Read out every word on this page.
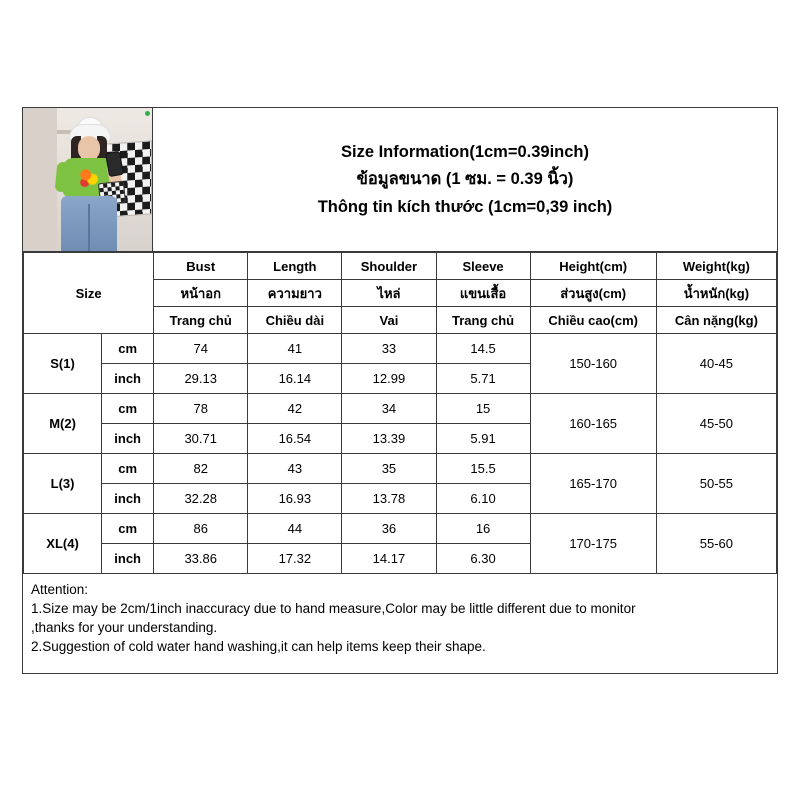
Size Information(1cm=0.39inch)
ข้อมูลขนาด (1 ซม. = 0.39 นิ้ว)
Thông tin kích thước (1cm=0,39 inch)
Size		Bust	Length	Shoulder	Sleeve	Height(cm)	Weight(kg)
		หน้าอก	ความยาว	ไหล่	แขนเสื้อ	ส่วนสูง(cm)	น้ำหนัก(kg)
		Trang chủ	Chiều dài	Vai	Trang chủ	Chiều cao(cm)	Cân nặng(kg)
S(1)	cm	74	41	33	14.5	150-160	40-45
	inch	29.13	16.14	12.99	5.71		
M(2)	cm	78	42	34	15	160-165	45-50
	inch	30.71	16.54	13.39	5.91		
L(3)	cm	82	43	35	15.5	165-170	50-55
	inch	32.28	16.93	13.78	6.10		
XL(4)	cm	86	44	36	16	170-175	55-60
	inch	33.86	17.32	14.17	6.30		
Attention:
1.Size may be 2cm/1inch inaccuracy due to hand measure,Color may be little different due to monitor
,thanks for your understanding.
2.Suggestion of cold water hand washing,it can help items keep their shape.
